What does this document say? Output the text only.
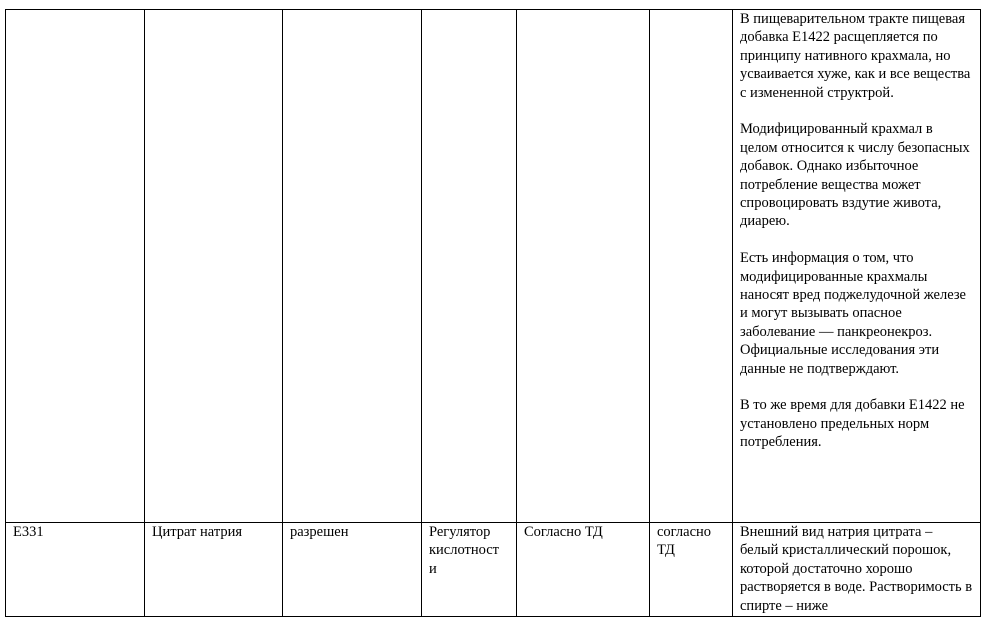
						В пищеварительном тракте пищевая добавка Е1422 расщепляется по принципу нативного крахмала, но усваивается хуже, как и все вещества с измененной структрой.

Модифицированный крахмал в целом относится к числу безопасных добавок. Однако избыточное потребление вещества может спровоцировать вздутие живота, диарею.

Есть информация о том, что модифицированные крахмалы наносят вред поджелудочной железе и могут вызывать опасное заболевание — панкреонекроз. Официальные исследования эти данные не подтверждают.

В то же время для добавки Е1422 не установлено предельных норм потребления.

Е331	Цитрат натрия	разрешен	Регулятор кислотност и	Согласно ТД	согласно ТД	Внешний вид натрия цитрата – белый кристаллический порошок, которой достаточно хорошо растворяется в воде. Растворимость в спирте – ниже
